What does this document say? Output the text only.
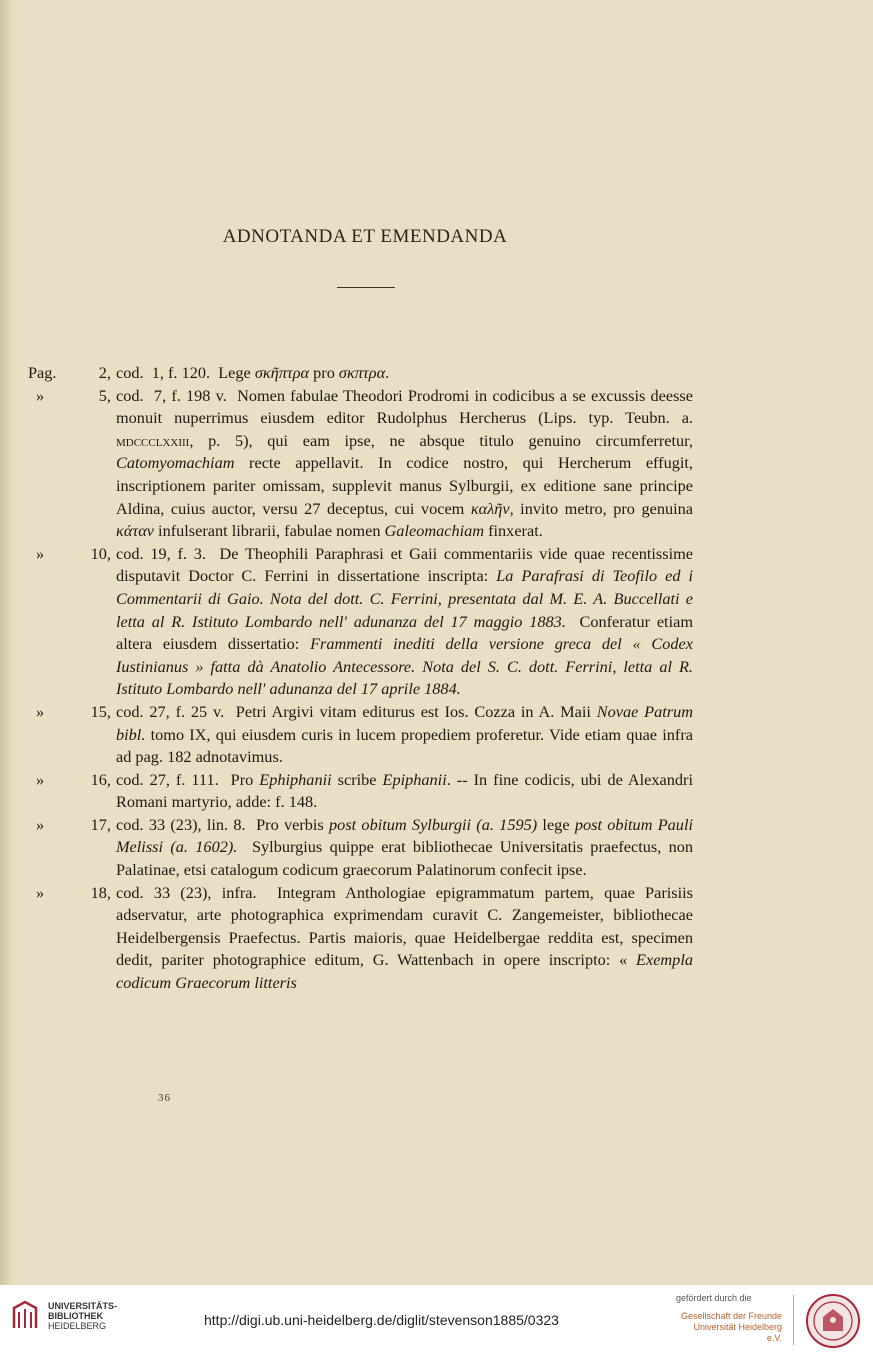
ADNOTANDA ET EMENDANDA
Pag.	2, cod.  1, f. 120.  Lege σκῆπτρα pro σκπτρα.
»	5, cod.  7, f. 198 v.  Nomen fabulae Theodori Prodromi in codicibus a se excussis deesse monuit nuperrimus eiusdem editor Rudolphus Hercherus (Lips. typ. Teubn. a. mdccclxxiii, p. 5), qui eam ipse, ne absque titulo genuino circumferretur, Catomyomachiam recte appellavit. In codice nostro, qui Hercherum effugit, inscriptionem pariter omissam, supplevit manus Sylburgii, ex editione sane principe Aldina, cuius auctor, versu 27 deceptus, cui vocem καλῆν, invito metro, pro genuina κάταν infulserant librarii, fabulae nomen Galeomachiam finxerat.
»	10, cod. 19, f. 3.  De Theophili Paraphrasi et Gaii commentariis vide quae recentissime disputavit Doctor C. Ferrini in dissertatione inscripta: La Parafrasi di Teofilo ed i Commentarii di Gaio. Nota del dott. C. Ferrini, presentata dal M. E. A. Buccellati e letta al R. Istituto Lombardo nell' adunanza del 17 maggio 1883.  Conferatur etiam altera eiusdem dissertatio: Frammenti inediti della versione greca del « Codex Iustinianus » fatta dà Anatolio Antecessore. Nota del S. C. dott. Ferrini, letta al R. Istituto Lombardo nell' adunanza del 17 aprile 1884.
»	15, cod. 27, f. 25 v.  Petri Argivi vitam editurus est Ios. Cozza in A. Maii Novae Patrum bibl. tomo IX, qui eiusdem curis in lucem propediem proferetur. Vide etiam quae infra ad pag. 182 adnotavimus.
»	16, cod. 27, f. 111.  Pro Ephiphanii scribe Epiphanii. -- In fine codicis, ubi de Alexandri Romani martyrio, adde: f. 148.
»	17, cod. 33 (23), lin. 8.  Pro verbis post obitum Sylburgii (a. 1595) lege post obitum Pauli Melissi (a. 1602).  Sylburgius quippe erat bibliothecae Universitatis praefectus, non Palatinae, etsi catalogum codicum graecorum Palatinorum confecit ipse.
»	18, cod. 33 (23), infra.  Integram Anthologiae epigrammatum partem, quae Parisiis adservatur, arte photographica exprimendam curavit C. Zangemeister, bibliothecae Heidelbergensis Praefectus. Partis maioris, quae Heidelbergae reddita est, specimen dedit, pariter photographice editum, G. Wattenbach in opere inscripto: « Exempla codicum Graecorum litteris
36
UNIVERSITÄTS-
BIBLIOTHEK
HEIDELBERG	http://digi.ub.uni-heidelberg.de/diglit/stevenson1885/0323
gefördert durch die
Gesellschaft der Freunde
Universität Heidelberg e.V.
